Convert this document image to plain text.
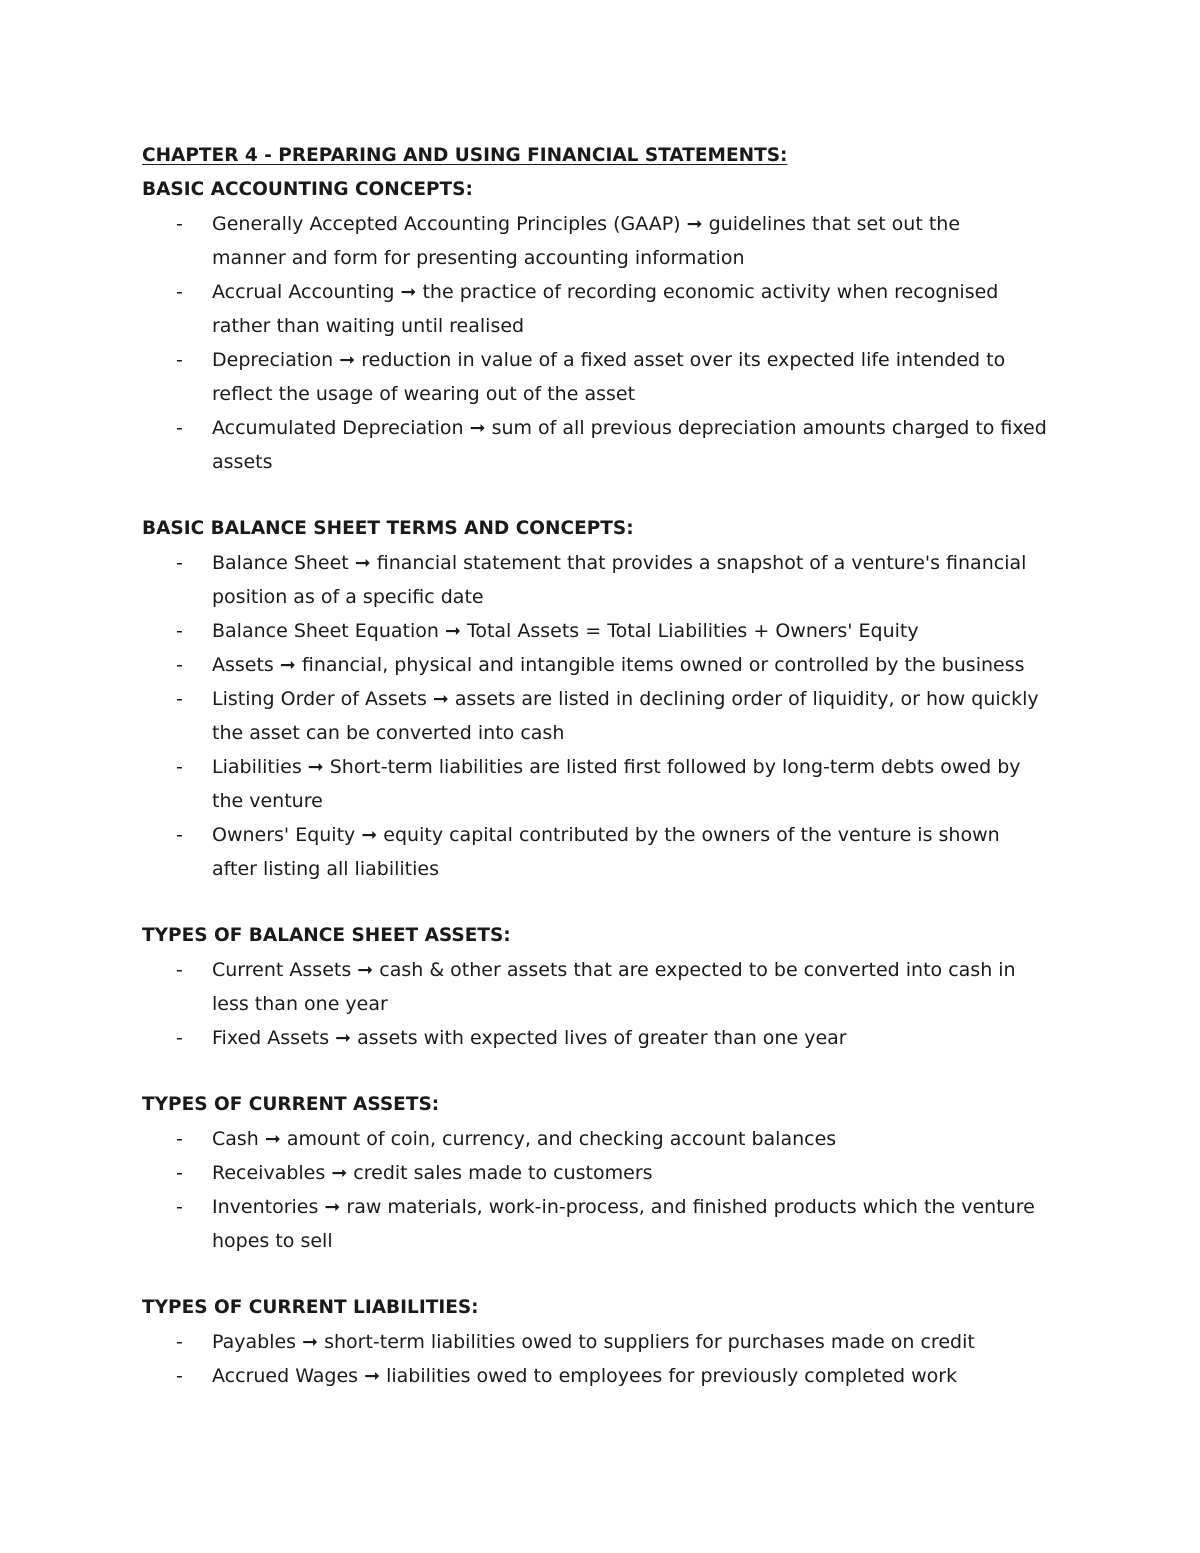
CHAPTER 4 - PREPARING AND USING FINANCIAL STATEMENTS:
BASIC ACCOUNTING CONCEPTS:
- Generally Accepted Accounting Principles (GAAP) ➞ guidelines that set out the
manner and form for presenting accounting information
- Accrual Accounting ➞ the practice of recording economic activity when recognised
rather than waiting until realised
- Depreciation ➞ reduction in value of a fixed asset over its expected life intended to
reflect the usage of wearing out of the asset
- Accumulated Depreciation ➞ sum of all previous depreciation amounts charged to fixed
assets
BASIC BALANCE SHEET TERMS AND CONCEPTS:
- Balance Sheet ➞ financial statement that provides a snapshot of a venture's financial
position as of a specific date
- Balance Sheet Equation ➞ Total Assets = Total Liabilities + Owners' Equity
- Assets ➞ financial, physical and intangible items owned or controlled by the business
- Listing Order of Assets ➞ assets are listed in declining order of liquidity, or how quickly
the asset can be converted into cash
- Liabilities ➞ Short-term liabilities are listed first followed by long-term debts owed by
the venture
- Owners' Equity ➞ equity capital contributed by the owners of the venture is shown
after listing all liabilities
TYPES OF BALANCE SHEET ASSETS:
- Current Assets ➞ cash & other assets that are expected to be converted into cash in
less than one year
- Fixed Assets ➞ assets with expected lives of greater than one year
TYPES OF CURRENT ASSETS:
- Cash ➞ amount of coin, currency, and checking account balances
- Receivables ➞ credit sales made to customers
- Inventories ➞ raw materials, work-in-process, and finished products which the venture
hopes to sell
TYPES OF CURRENT LIABILITIES:
- Payables ➞ short-term liabilities owed to suppliers for purchases made on credit
- Accrued Wages ➞ liabilities owed to employees for previously completed work
